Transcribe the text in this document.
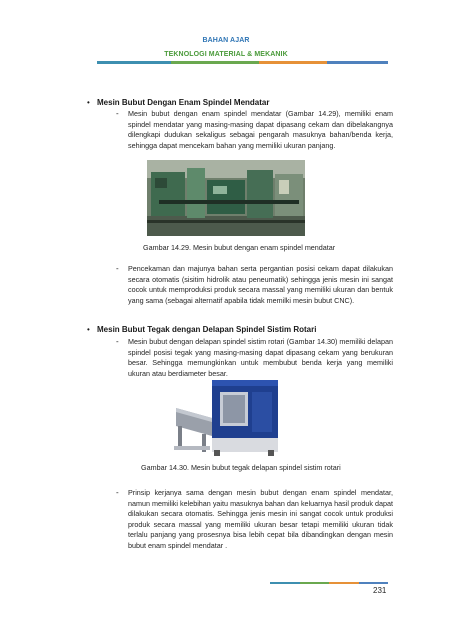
BAHAN AJAR
TEKNOLOGI MATERIAL & MEKANIK
• Mesin Bubut Dengan Enam Spindel Mendatar
- Mesin bubut dengan enam spindel mendatar (Gambar 14.29), memiliki enam spindel mendatar yang masing-masing dapat dipasang cekam dan dibelakangnya dilengkapi dudukan sekaligus sebagai pengarah masuknya bahan/benda kerja, sehingga dapat mencekam bahan yang memiliki ukuran panjang.
Gambar 14.29. Mesin bubut dengan enam spindel mendatar
- Pencekaman dan majunya bahan serta pergantian posisi cekam dapat dilakukan secara otomatis (sisitim hidrolik atau peneumatik) sehingga jenis mesin ini sangat cocok untuk memproduksi produk secara massal yang memiliki ukuran dan bentuk yang sama (sebagai alternatif apabila tidak memilki mesin bubut CNC).
• Mesin Bubut Tegak dengan Delapan Spindel Sistim Rotari
- Mesin bubut dengan delapan spindel sistim rotari (Gambar 14.30) memiliki delapan spindel posisi tegak yang masing-masing dapat dipasang cekam yang berukuran besar. Sehingga memungkinkan untuk membubut benda kerja yang memiliki ukuran atau berdiameter besar.
Gambar 14.30. Mesin bubut tegak delapan spindel sistim rotari
- Prinsip kerjanya sama dengan mesin bubut dengan enam spindel mendatar, namun memiliki kelebihan yaitu masuknya bahan dan keluarnya hasil produk dapat dilakukan secara otomatis. Sehingga jenis mesin ini sangat cocok untuk produksi produk secara massal yang memiliki ukuran besar tetapi memiliki ukuran tidak terlalu panjang yang prosesnya bisa lebih cepat bila dibandingkan dengan mesin bubut enam spindel mendatar .
231
